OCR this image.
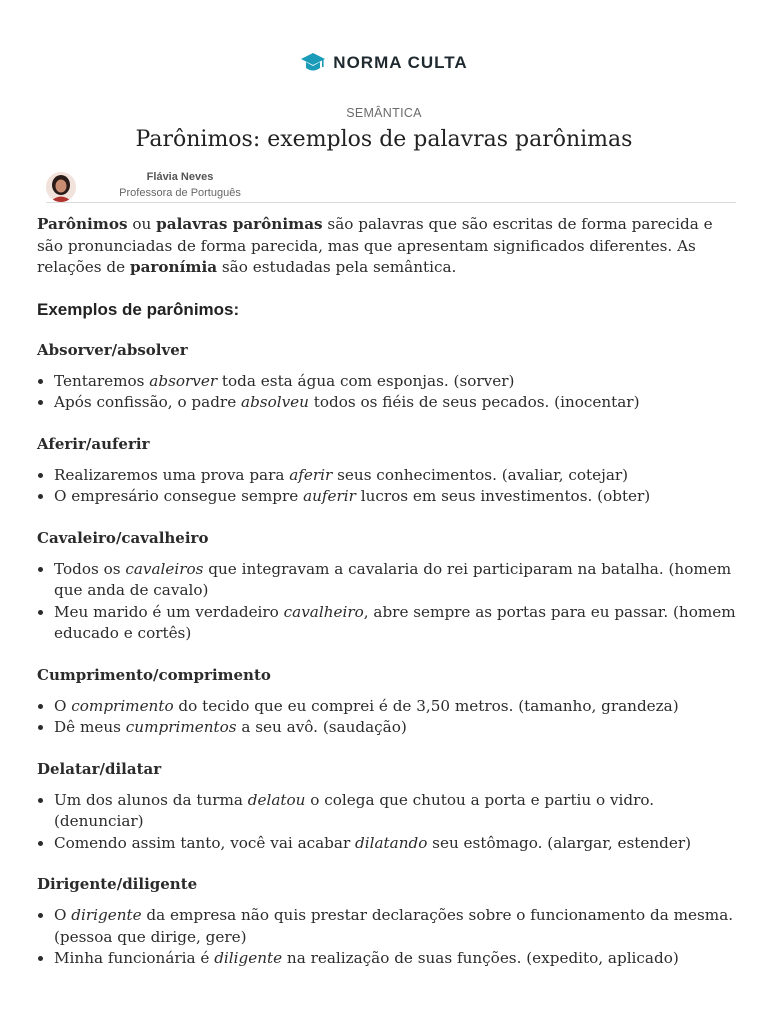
NORMA CULTA
SEMÂNTICA
Parônimos: exemplos de palavras parônimas
Flávia Neves
Professora de Português

Parônimos ou palavras parônimas são palavras que são escritas de forma parecida e são pronunciadas de forma parecida, mas que apresentam significados diferentes. As relações de paronímia são estudadas pela semântica.

Exemplos de parônimos:
Absorver/absolver
• Tentaremos absorver toda esta água com esponjas. (sorver)
• Após confissão, o padre absolveu todos os fiéis de seus pecados. (inocentar)
Aferir/auferir
• Realizaremos uma prova para aferir seus conhecimentos. (avaliar, cotejar)
• O empresário consegue sempre auferir lucros em seus investimentos. (obter)
Cavaleiro/cavalheiro
• Todos os cavaleiros que integravam a cavalaria do rei participaram na batalha. (homem que anda de cavalo)
• Meu marido é um verdadeiro cavalheiro, abre sempre as portas para eu passar. (homem educado e cortês)
Cumprimento/comprimento
• O comprimento do tecido que eu comprei é de 3,50 metros. (tamanho, grandeza)
• Dê meus cumprimentos a seu avô. (saudação)
Delatar/dilatar
• Um dos alunos da turma delatou o colega que chutou a porta e partiu o vidro. (denunciar)
• Comendo assim tanto, você vai acabar dilatando seu estômago. (alargar, estender)
Dirigente/diligente
• O dirigente da empresa não quis prestar declarações sobre o funcionamento da mesma. (pessoa que dirige, gere)
• Minha funcionária é diligente na realização de suas funções. (expedito, aplicado)
